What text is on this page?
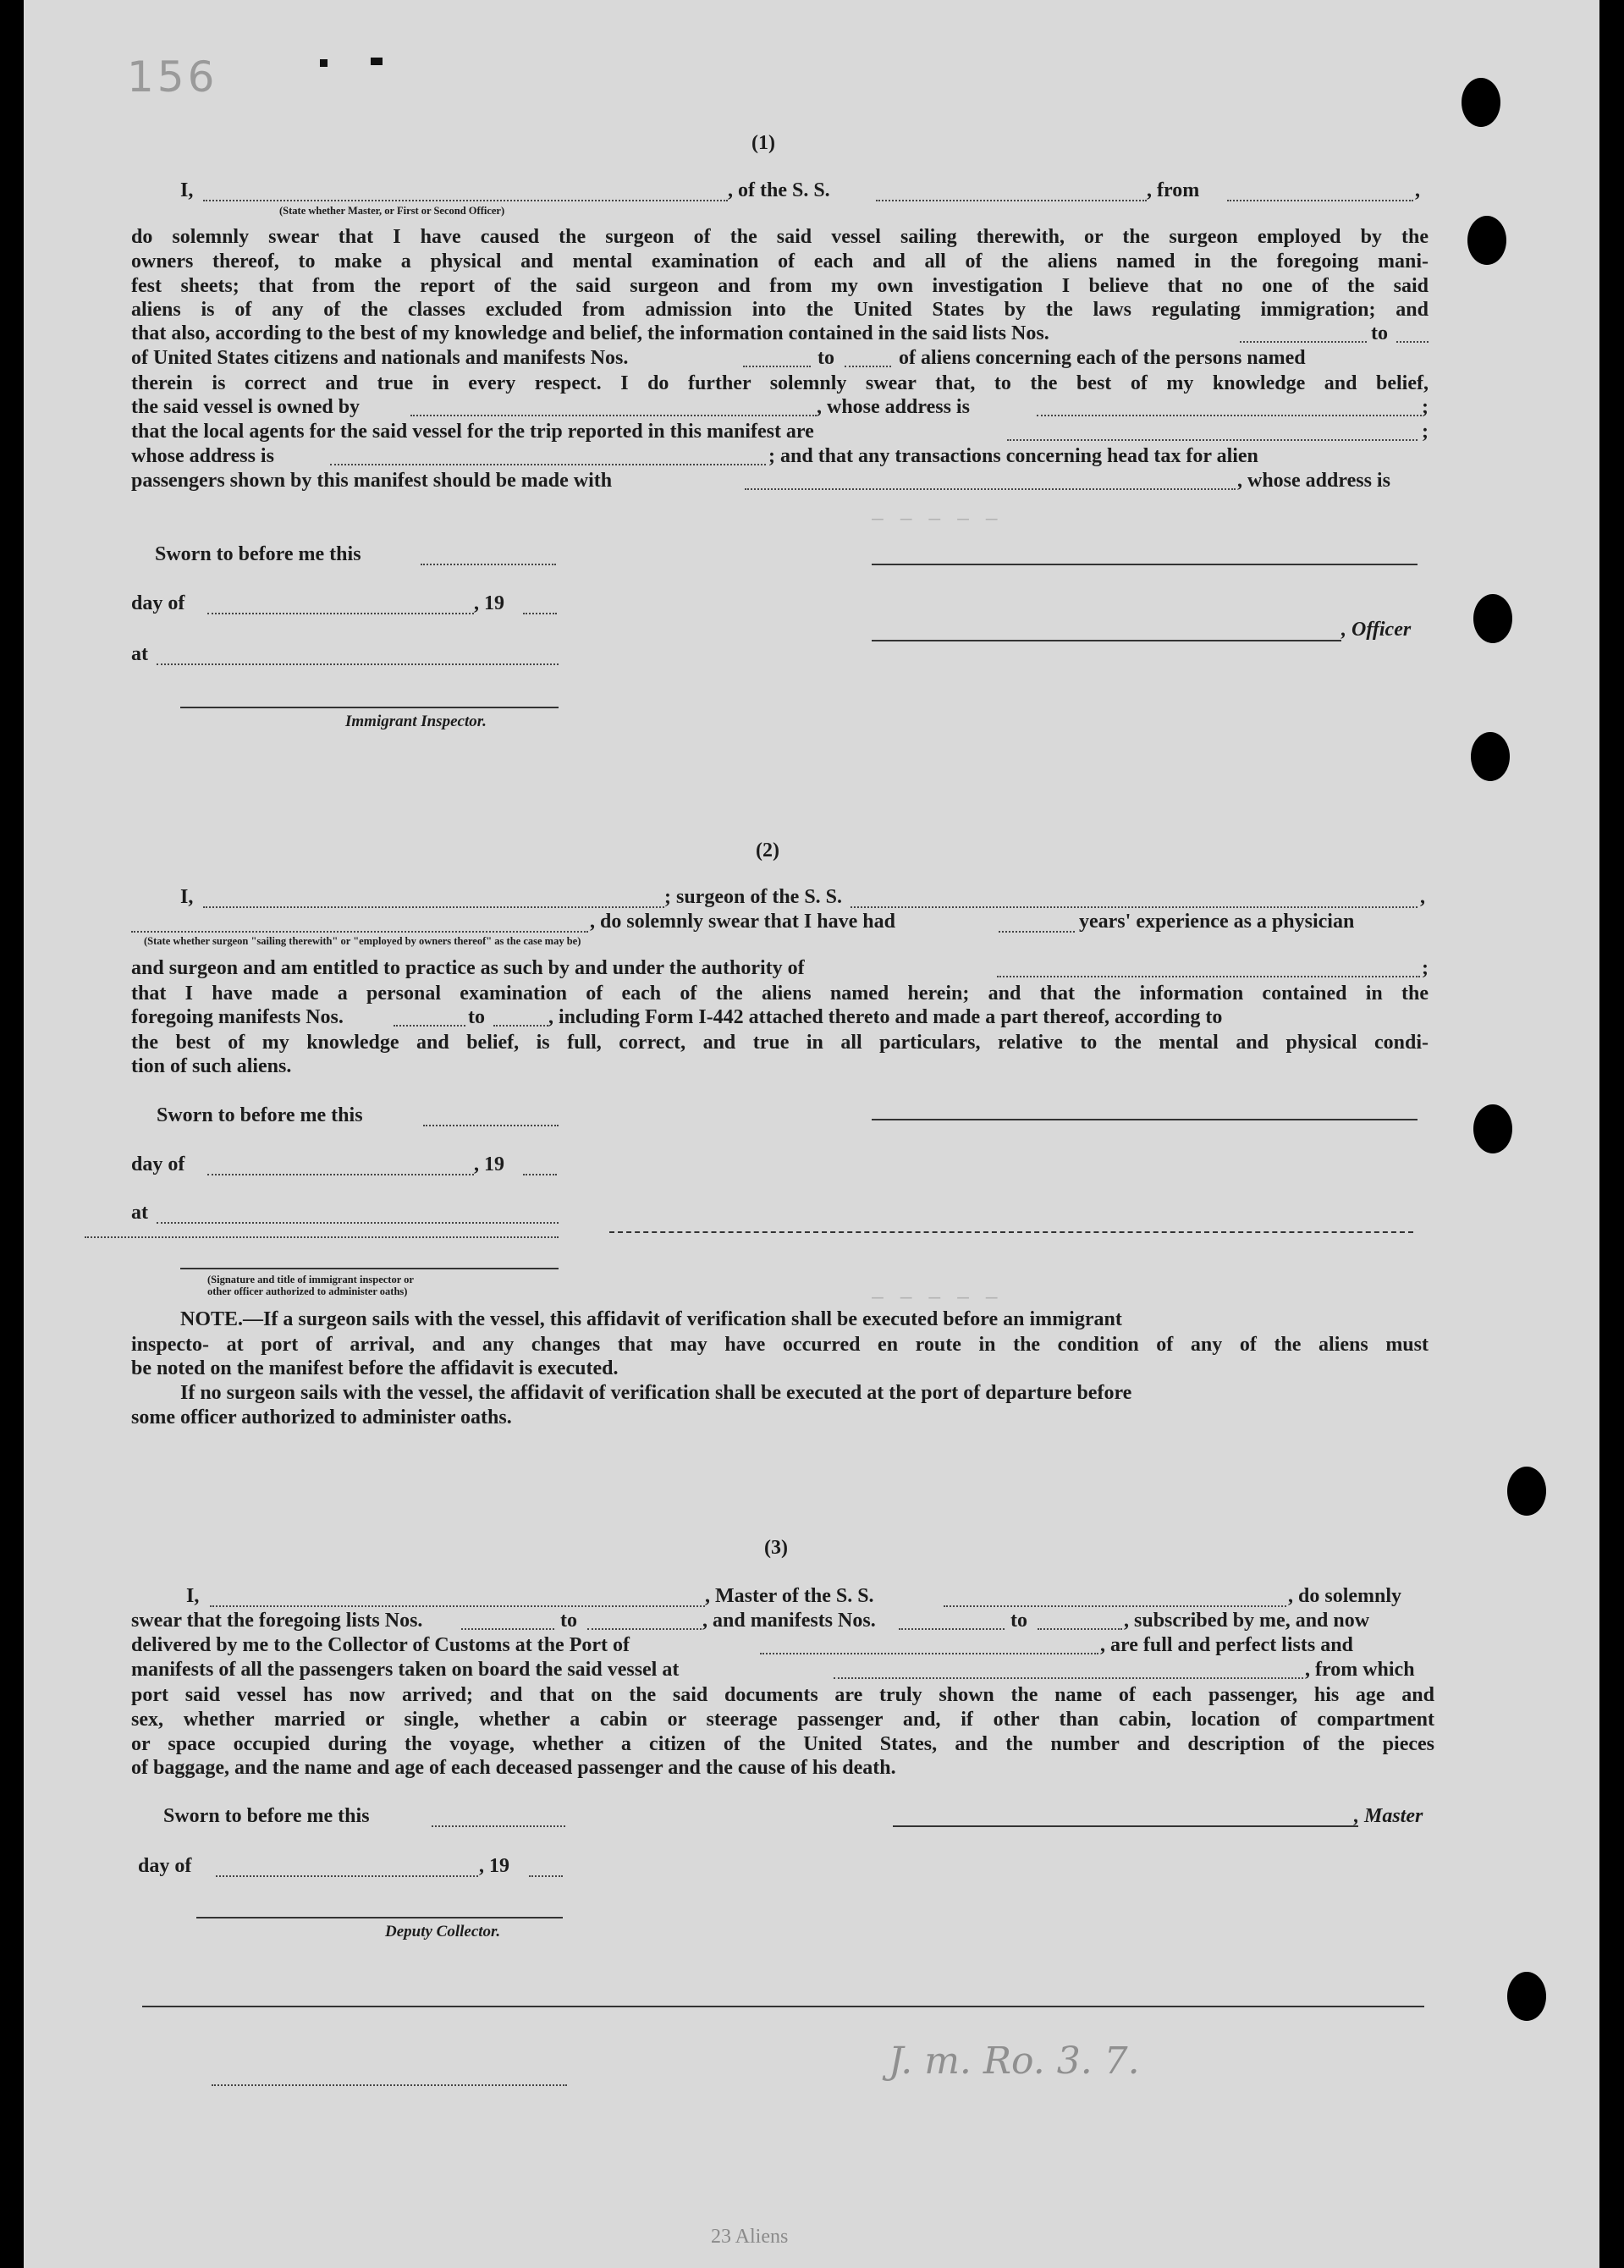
156
— — — — —
— — — — —
(1)
I,	, of the S. S.	, from	,
(State whether Master, or First or Second Officer)
do solemnly swear that I have caused the surgeon of the said vessel sailing therewith, or the surgeon employed by the
owners thereof, to make a physical and mental examination of each and all of the aliens named in the foregoing mani-
fest sheets; that from the report of the said surgeon and from my own investigation I believe that no one of the said
aliens is of any of the classes excluded from admission into the United States by the laws regulating immigration; and
that also, according to the best of my knowledge and belief, the information contained in the said lists Nos.	to
of United States citizens and nationals and manifests Nos.	to	of aliens concerning each of the persons named
therein is correct and true in every respect. I do further solemnly swear that, to the best of my knowledge and belief,
the said vessel is owned by	, whose address is	;
that the local agents for the said vessel for the trip reported in this manifest are	;
whose address is	; and that any transactions concerning head tax for alien
passengers shown by this manifest should be made with	, whose address is
Sworn to before me this
day of	, 19
, Officer
at
Immigrant Inspector.
(2)
I,	; surgeon of the S. S.	,
, do solemnly swear that I have had	years' experience as a physician
(State whether surgeon "sailing therewith" or "employed by owners thereof" as the case may be)
and surgeon and am entitled to practice as such by and under the authority of	;
that I have made a personal examination of each of the aliens named herein; and that the information contained in the
foregoing manifests Nos.	to	, including Form I-442 attached thereto and made a part thereof, according to
the best of my knowledge and belief, is full, correct, and true in all particulars, relative to the mental and physical condi-
tion of such aliens.
Sworn to before me this
day of	, 19
at
(Signature and title of immigrant inspector or
other officer authorized to administer oaths)
NOTE.—If a surgeon sails with the vessel, this affidavit of verification shall be executed before an immigrant
inspecto- at port of arrival, and any changes that may have occurred en route in the condition of any of the aliens must
be noted on the manifest before the affidavit is executed.
If no surgeon sails with the vessel, the affidavit of verification shall be executed at the port of departure before
some officer authorized to administer oaths.
(3)
I,	, Master of the S. S.	, do solemnly
swear that the foregoing lists Nos.	to	, and manifests Nos.	to	, subscribed by me, and now
delivered by me to the Collector of Customs at the Port of	, are full and perfect lists and
manifests of all the passengers taken on board the said vessel at	, from which
port said vessel has now arrived; and that on the said documents are truly shown the name of each passenger, his age and
sex, whether married or single, whether a cabin or steerage passenger and, if other than cabin, location of compartment
or space occupied during the voyage, whether a citizen of the United States, and the number and description of the pieces
of baggage, and the name and age of each deceased passenger and the cause of his death.
Sworn to before me this	, Master
day of	, 19
Deputy Collector.
J. m. Ro. 3. 7.
23 Aliens
